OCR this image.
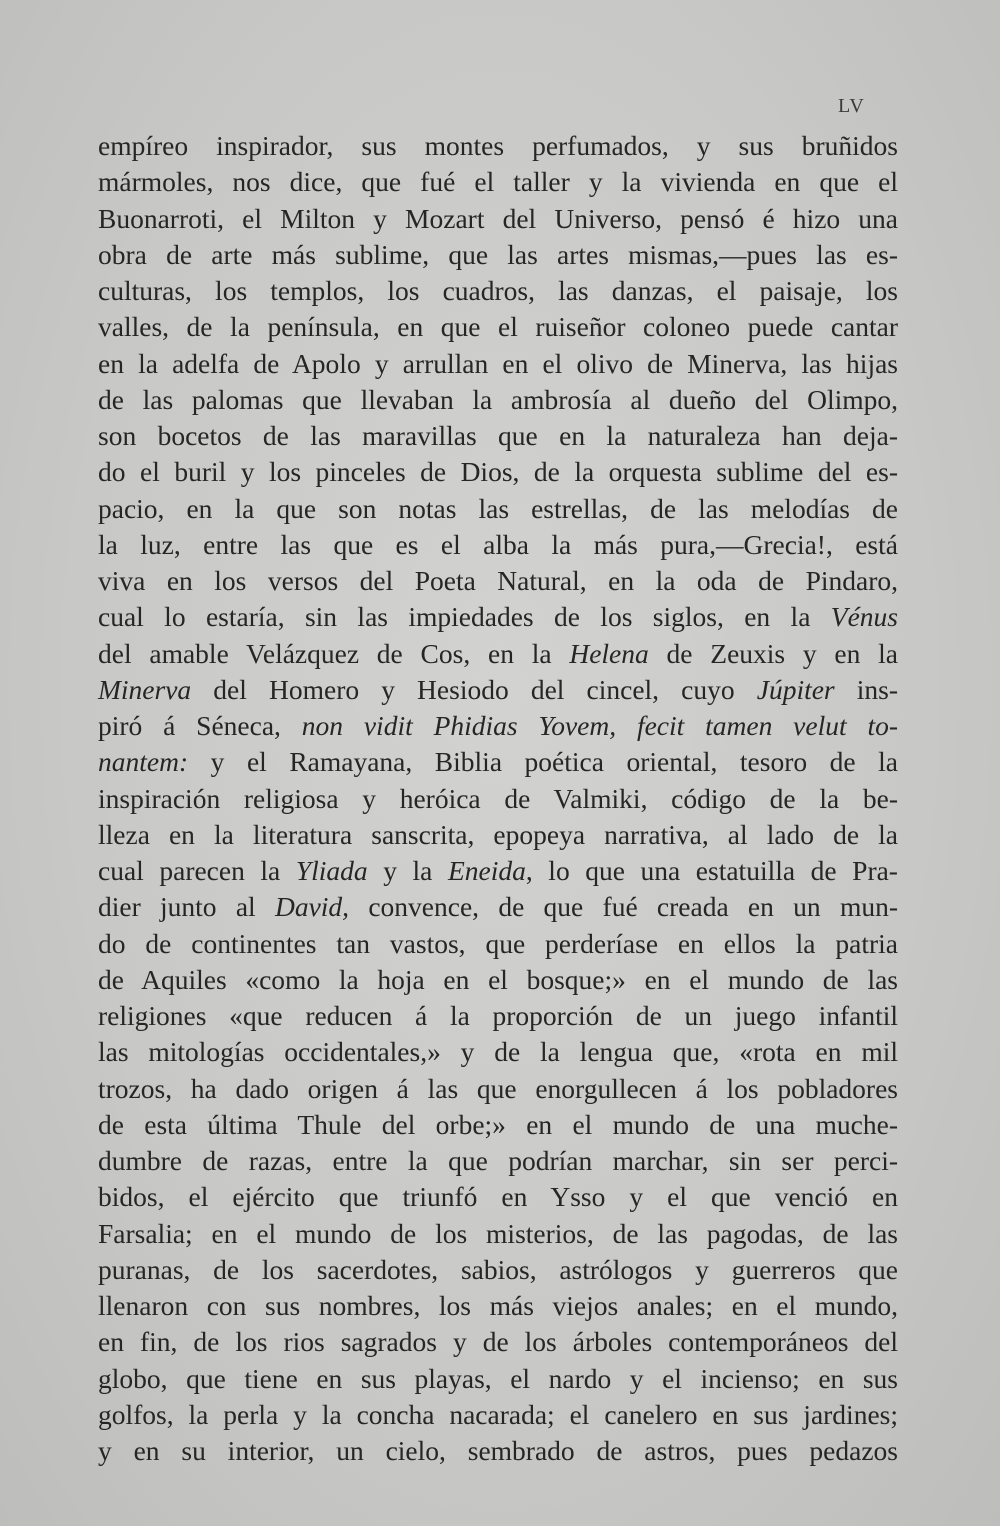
LV
empíreo inspirador, sus montes perfumados, y sus bruñidos
mármoles, nos dice, que fué el taller y la vivienda en que el
Buonarroti, el Milton y Mozart del Universo, pensó é hizo una
obra de arte más sublime, que las artes mismas,—pues las es-
culturas, los templos, los cuadros, las danzas, el paisaje, los
valles, de la península, en que el ruiseñor coloneo puede cantar
en la adelfa de Apolo y arrullan en el olivo de Minerva, las hijas
de las palomas que llevaban la ambrosía al dueño del Olimpo,
son bocetos de las maravillas que en la naturaleza han deja-
do el buril y los pinceles de Dios, de la orquesta sublime del es-
pacio, en la que son notas las estrellas, de las melodías de
la luz, entre las que es el alba la más pura,—Grecia!, está
viva en los versos del Poeta Natural, en la oda de Pindaro,
cual lo estaría, sin las impiedades de los siglos, en la Vénus
del amable Velázquez de Cos, en la Helena de Zeuxis y en la
Minerva del Homero y Hesiodo del cincel, cuyo Júpiter ins-
piró á Séneca, non vidit Phidias Yovem, fecit tamen velut to-
nantem: y el Ramayana, Biblia poética oriental, tesoro de la
inspiración religiosa y heróica de Valmiki, código de la be-
lleza en la literatura sanscrita, epopeya narrativa, al lado de la
cual parecen la Yliada y la Eneida, lo que una estatuilla de Pra-
dier junto al David, convence, de que fué creada en un mun-
do de continentes tan vastos, que perderíase en ellos la patria
de Aquiles «como la hoja en el bosque;» en el mundo de las
religiones «que reducen á la proporción de un juego infantil
las mitologías occidentales,» y de la lengua que, «rota en mil
trozos, ha dado origen á las que enorgullecen á los pobladores
de esta última Thule del orbe;» en el mundo de una muche-
dumbre de razas, entre la que podrían marchar, sin ser perci-
bidos, el ejército que triunfó en Ysso y el que venció en
Farsalia; en el mundo de los misterios, de las pagodas, de las
puranas, de los sacerdotes, sabios, astrólogos y guerreros que
llenaron con sus nombres, los más viejos anales; en el mundo,
en fin, de los rios sagrados y de los árboles contemporáneos del
globo, que tiene en sus playas, el nardo y el incienso; en sus
golfos, la perla y la concha nacarada; el canelero en sus jardines;
y en su interior, un cielo, sembrado de astros, pues pedazos
